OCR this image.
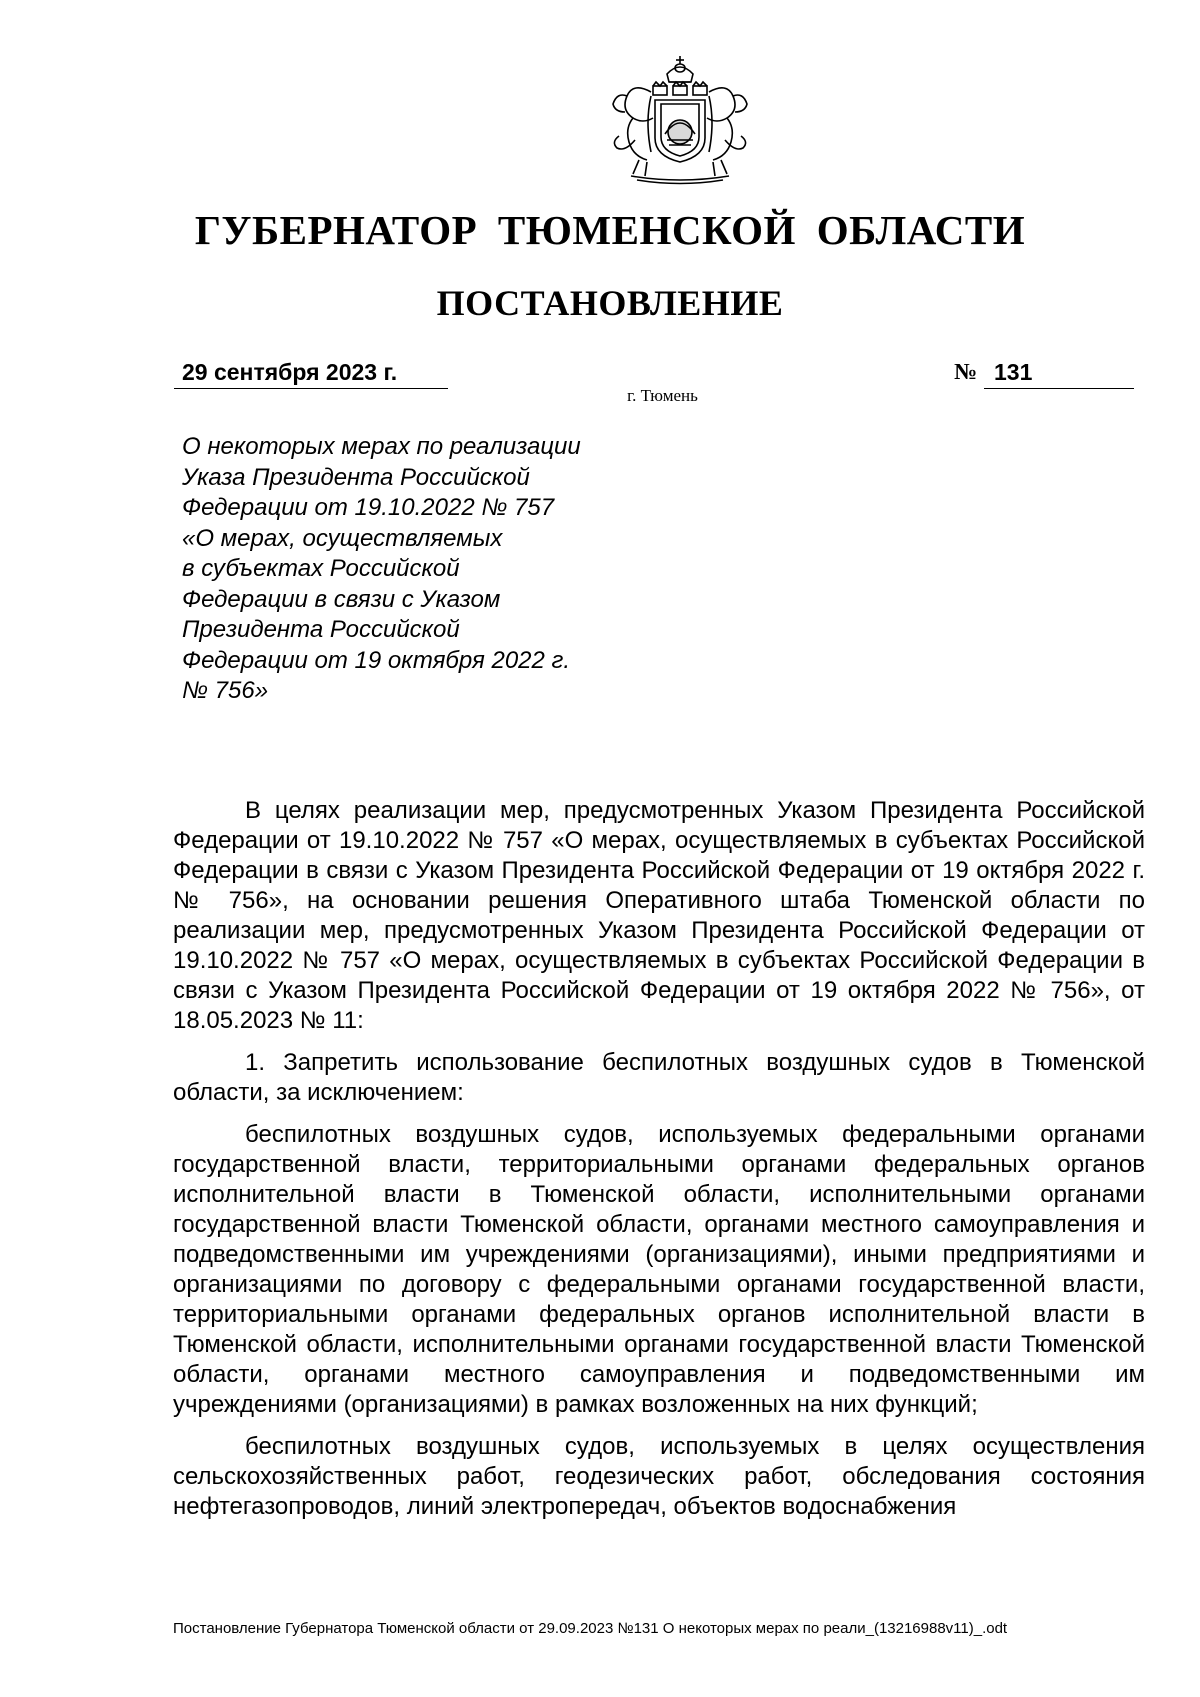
ГУБЕРНАТОР ТЮМЕНСКОЙ ОБЛАСТИ
ПОСТАНОВЛЕНИЕ
29 сентября 2023 г.	№ 131
г. Тюмень
О некоторых мерах по реализации
Указа Президента Российской
Федерации от 19.10.2022 № 757
«О мерах, осуществляемых
в субъектах Российской
Федерации в связи с Указом
Президента Российской
Федерации от 19 октября 2022 г.
№ 756»

В целях реализации мер, предусмотренных Указом Президента Российской Федерации от 19.10.2022 № 757 «О мерах, осуществляемых в субъектах Российской Федерации в связи с Указом Президента Российской Федерации от 19 октября 2022 г. № 756», на основании решения Оперативного штаба Тюменской области по реализации мер, предусмотренных Указом Президента Российской Федерации от 19.10.2022 № 757 «О мерах, осуществляемых в субъектах Российской Федерации в связи с Указом Президента Российской Федерации от 19 октября 2022 № 756», от 18.05.2023 № 11:

1. Запретить использование беспилотных воздушных судов в Тюменской области, за исключением:

беспилотных воздушных судов, используемых федеральными органами государственной власти, территориальными органами федеральных органов исполнительной власти в Тюменской области, исполнительными органами государственной власти Тюменской области, органами местного самоуправления и подведомственными им учреждениями (организациями), иными предприятиями и организациями по договору с федеральными органами государственной власти, территориальными органами федеральных органов исполнительной власти в Тюменской области, исполнительными органами государственной власти Тюменской области, органами местного самоуправления и подведомственными им учреждениями (организациями) в рамках возложенных на них функций;

беспилотных воздушных судов, используемых в целях осуществления сельскохозяйственных работ, геодезических работ, обследования состояния нефтегазопроводов, линий электропередач, объектов водоснабжения

Постановление Губернатора Тюменской области от 29.09.2023 №131 О некоторых мерах по реали_(13216988v11)_.odt
